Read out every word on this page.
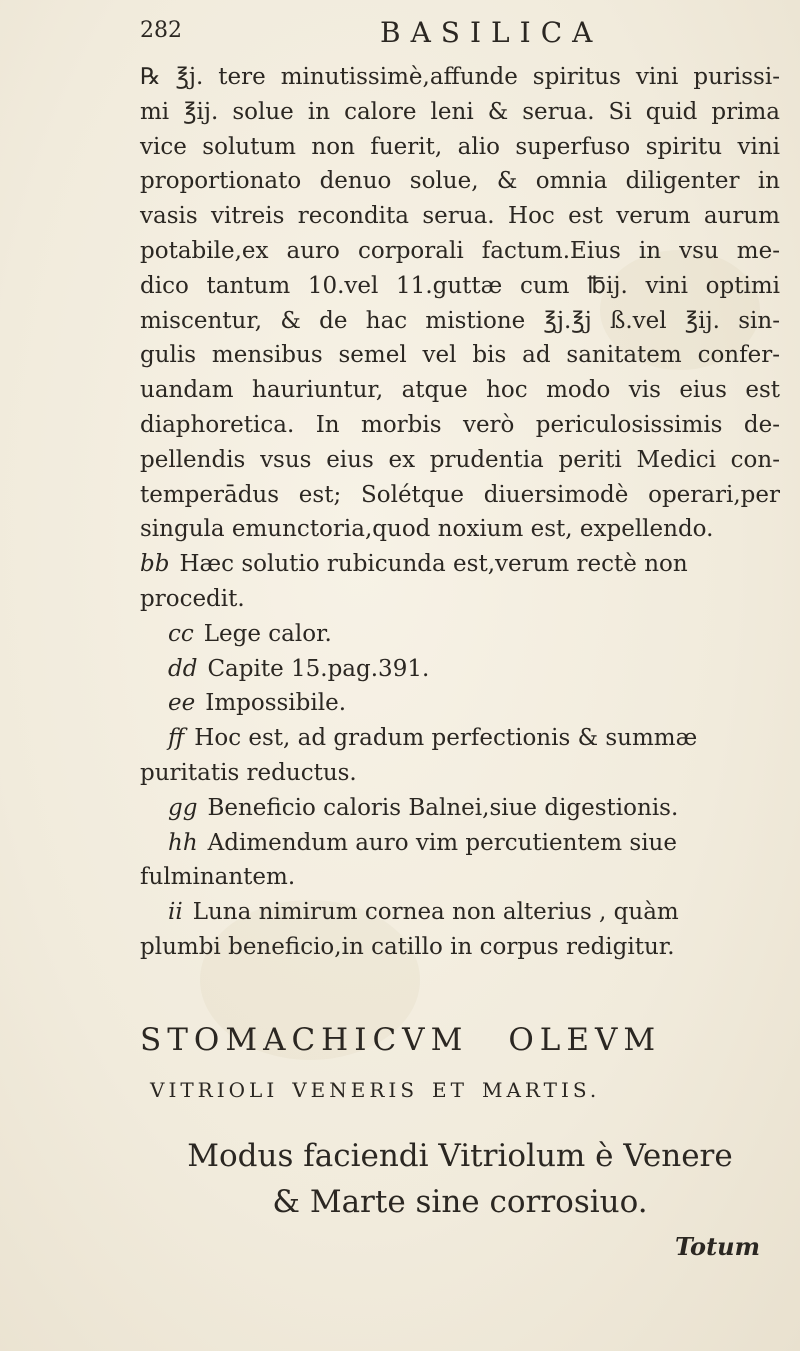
282	BASILICA

℞ ℥j. tere minutissimè,affunde spiritus vini purissi-

mi ℥ij. solue in calore leni & serua. Si quid prima

vice solutum non fuerit, alio superfuso spiritu vini

proportionato denuo solue, & omnia diligenter in

vasis vitreis recondita serua. Hoc est verum aurum

potabile,ex auro corporali factum.Eius in vsu me-

dico tantum 10.vel 11.guttæ cum ℔ij. vini optimi

miscentur, & de hac mistione ℥j.℥j ß.vel ℥ij. sin-

gulis mensibus semel vel bis ad sanitatem confer-

uandam hauriuntur, atque hoc modo vis eius est

diaphoretica. In morbis verò periculosissimis de-

pellendis vsus eius ex prudentia periti Medici con-

temperādus est; Solétque diuersimodè operari,per

singula emunctoria,quod noxium est, expellendo.

bb Hæc solutio rubicunda est,verum rectè non

procedit.

cc Lege calor.

dd Capite 15.pag.391.

ee Impossibile.

ff Hoc est, ad gradum perfectionis & summæ

puritatis reductus.

gg Beneficio caloris Balnei,siue digestionis.

hh Adimendum auro vim percutientem siue

fulminantem.

ii Luna nimirum cornea non alterius , quàm

plumbi beneficio,in catillo in corpus redigitur.

STOMACHICVM OLEVM
VITRIOLI VENERIS ET MARTIS.
Modus faciendi Vitriolum è Venere
& Marte sine corrosiuo.
Totum
